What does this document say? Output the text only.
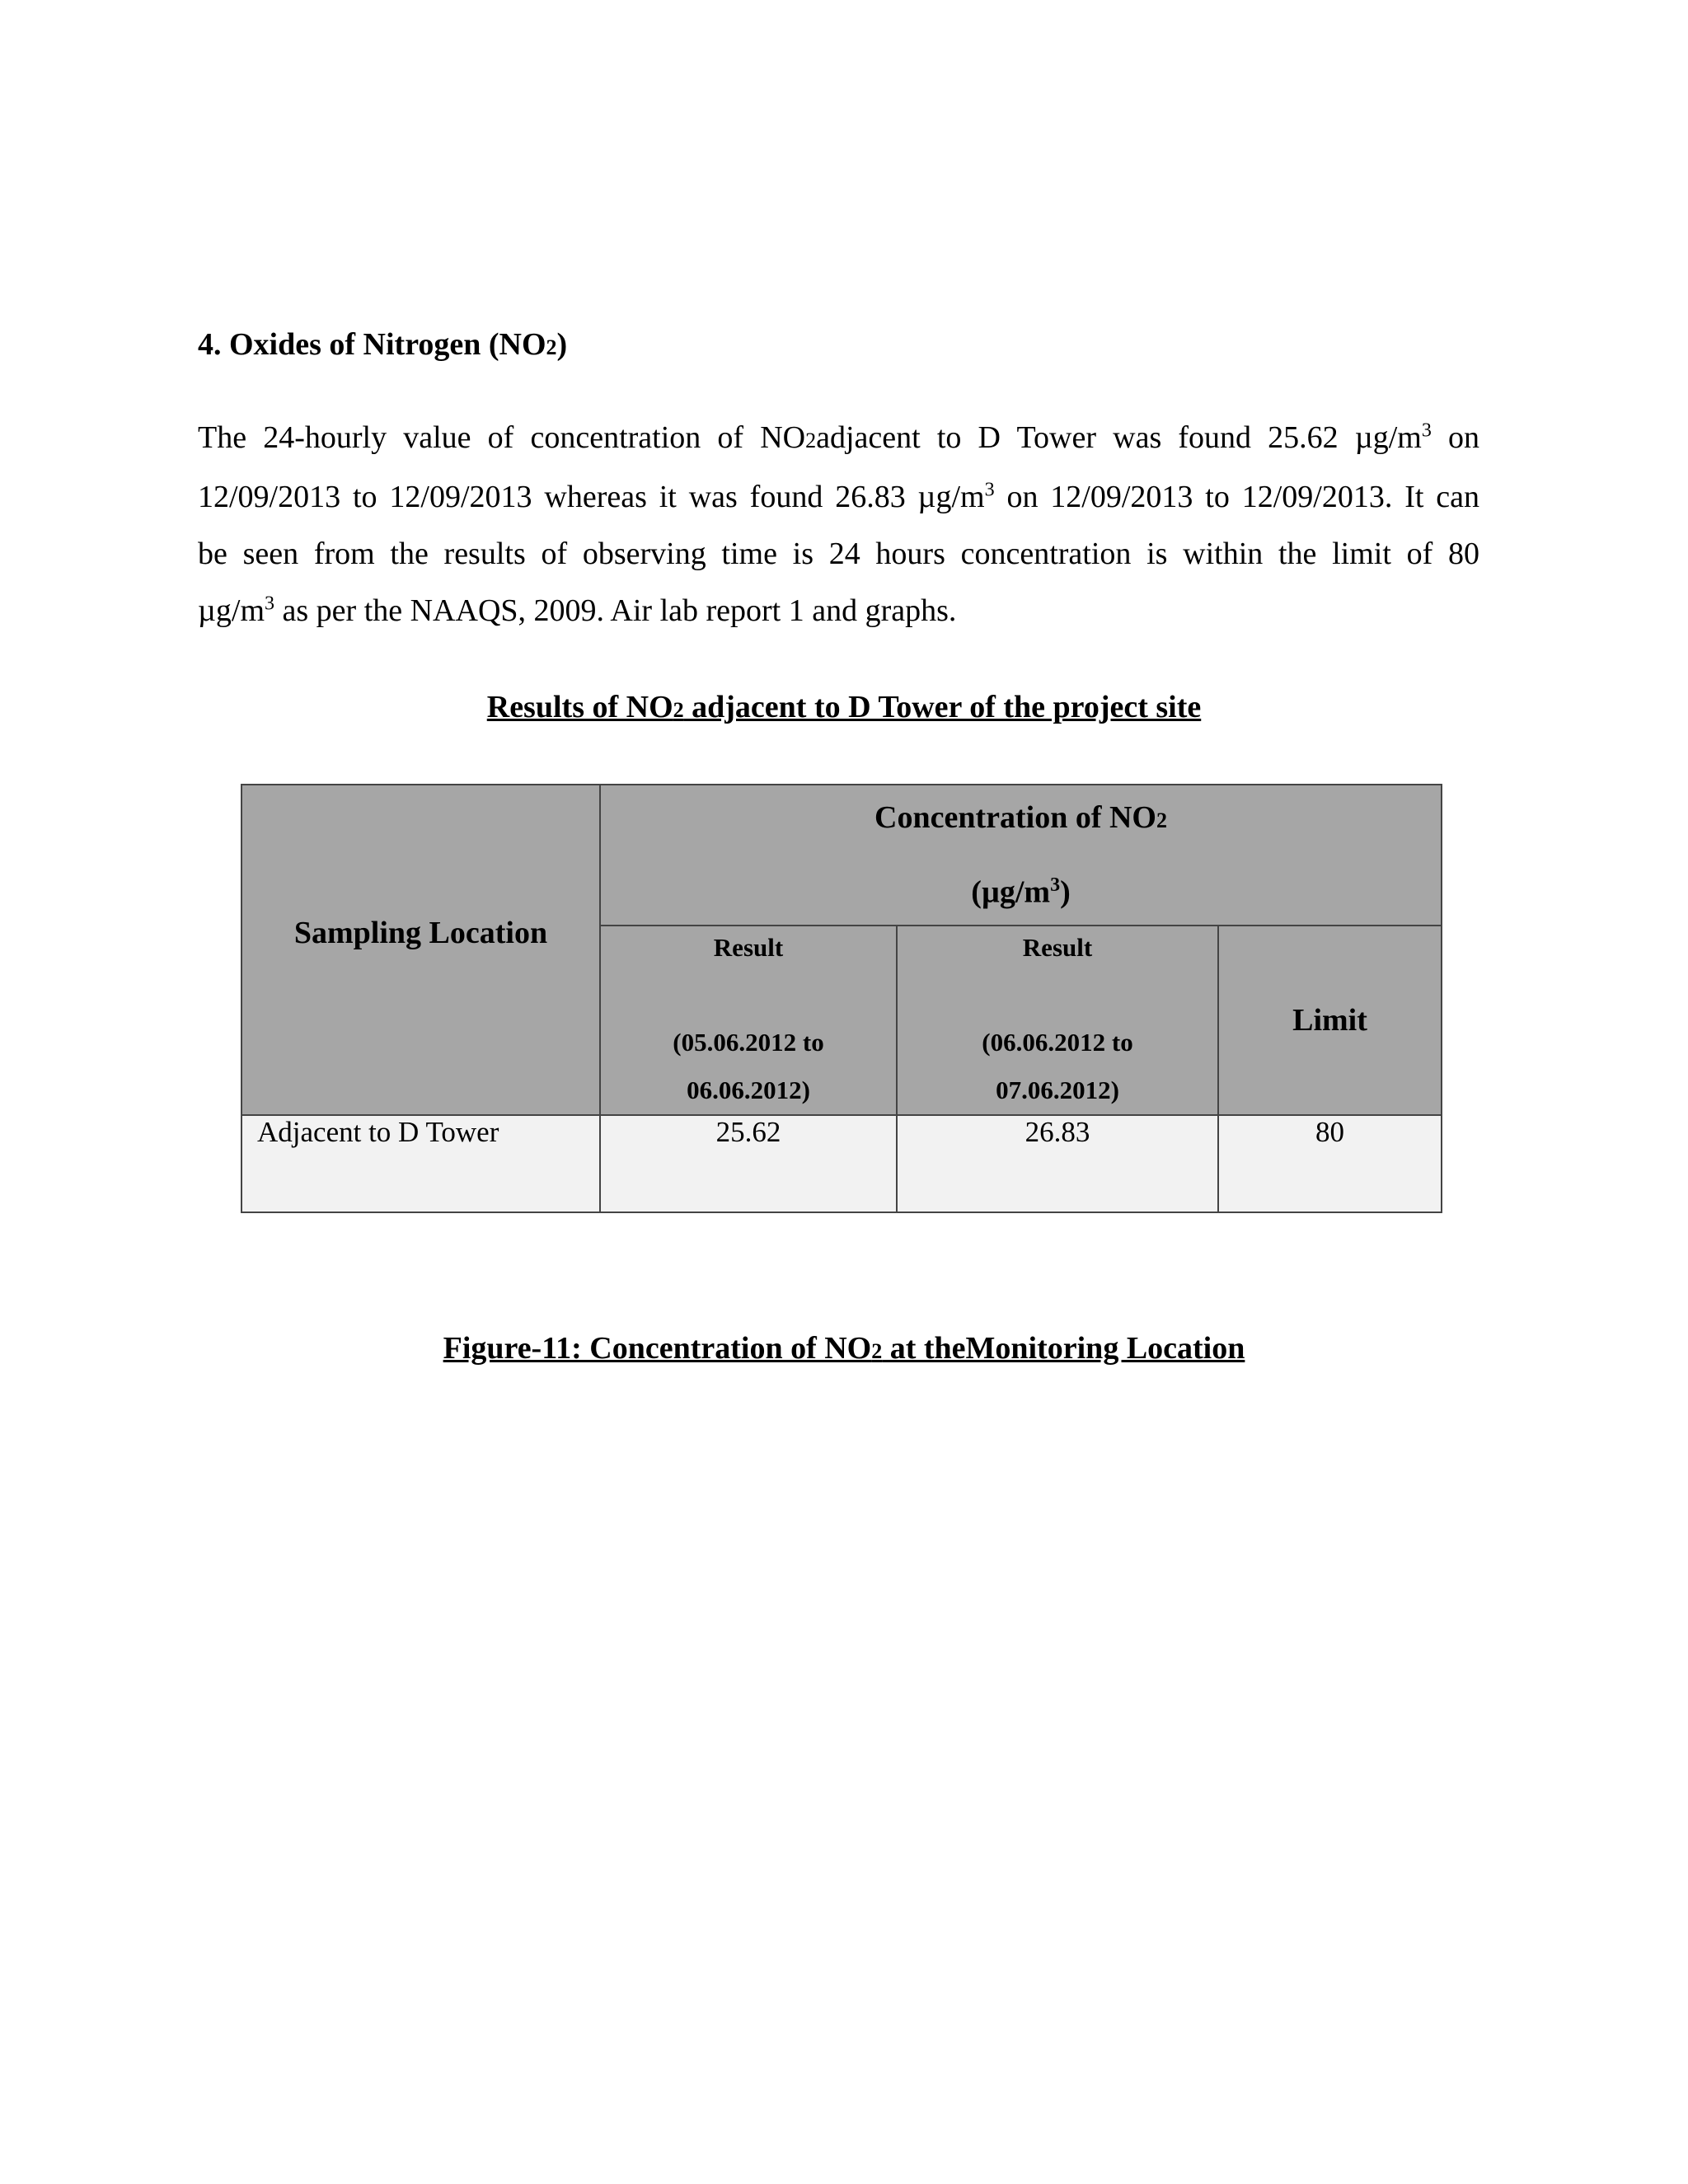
4. Oxides of Nitrogen (NO2)
The 24-hourly value of concentration of NO2adjacent to D Tower was found 25.62 $\mu g/m^3$ on
12/09/2013 to 12/09/2013 whereas it was found 26.83 $\mu g/m^3$ on 12/09/2013 to 12/09/2013. It can
be seen from the results of observing time is 24 hours concentration is within the limit of 80
$\mu g/m^3$ as per the NAAQS, 2009. Air lab report 1 and graphs.
Results of NO2 adjacent to D Tower of the project site
Sampling Location	Concentration of NO2
$(\mu g/m^3)$		

	Result
(05.06.2012 to
06.06.2012)	Result
(06.06.2012 to
07.06.2012)	Limit
Adjacent to D Tower	25.62	26.83	80
Figure-11: Concentration of NO2 at theMonitoring Location
